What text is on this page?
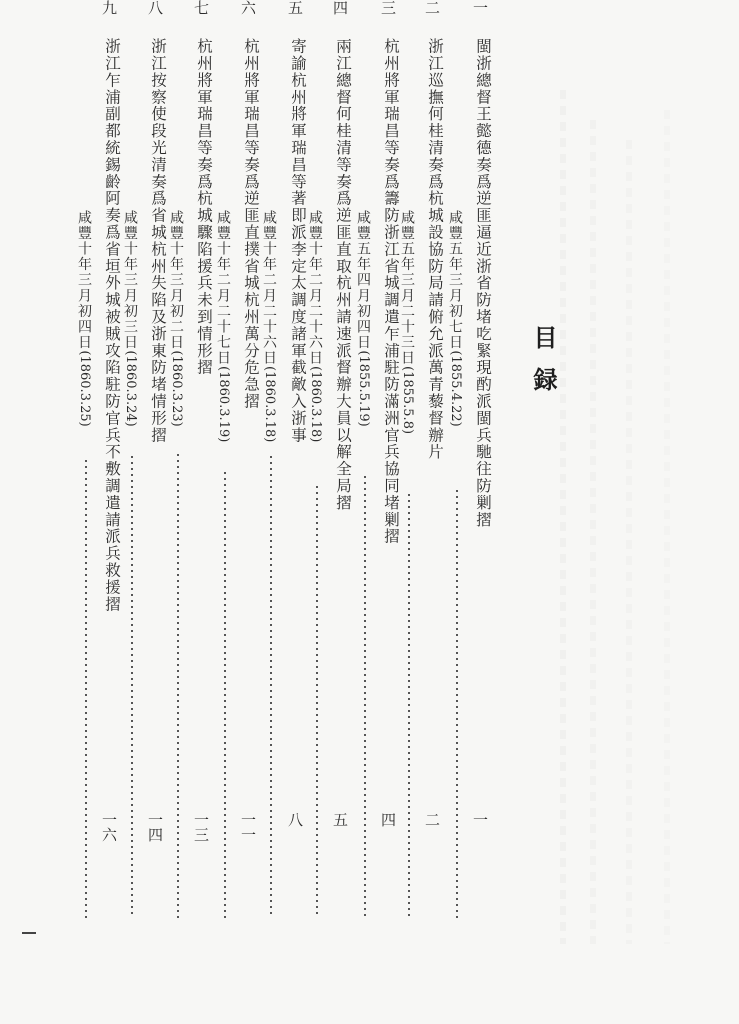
目録
一
閩浙總督王懿德奏爲逆匪逼近浙省防堵吃緊現酌派閩兵馳往防剿摺
一
咸豐五年三月初七日(1855.4.22)
二
浙江巡撫何桂清奏爲杭城設協防局請俯允派萬青藜督辦片
二
咸豐五年三月二十三日(1855.5.8)
三
杭州將軍瑞昌等奏爲籌防浙江省城調遣乍浦駐防滿洲官兵協同堵剿摺
四
咸豐五年四月初四日(1855.5.19)
四
兩江總督何桂清等奏爲逆匪直取杭州請速派督辦大員以解全局摺
五
咸豐十年二月二十六日(1860.3.18)
五
寄諭杭州將軍瑞昌等著即派李定太調度諸軍截敵入浙事
八
咸豐十年二月二十六日(1860.3.18)
六
杭州將軍瑞昌等奏爲逆匪直撲省城杭州萬分危急摺
一一
咸豐十年二月二十七日(1860.3.19)
七
杭州將軍瑞昌等奏爲杭城驟陷援兵未到情形摺
一三
咸豐十年三月初二日(1860.3.23)
八
浙江按察使段光清奏爲省城杭州失陷及浙東防堵情形摺
一四
咸豐十年三月初三日(1860.3.24)
九
浙江乍浦副都統錫齡阿奏爲省垣外城被賊攻陷駐防官兵不敷調遣請派兵救援摺
一六
咸豐十年三月初四日(1860.3.25)
